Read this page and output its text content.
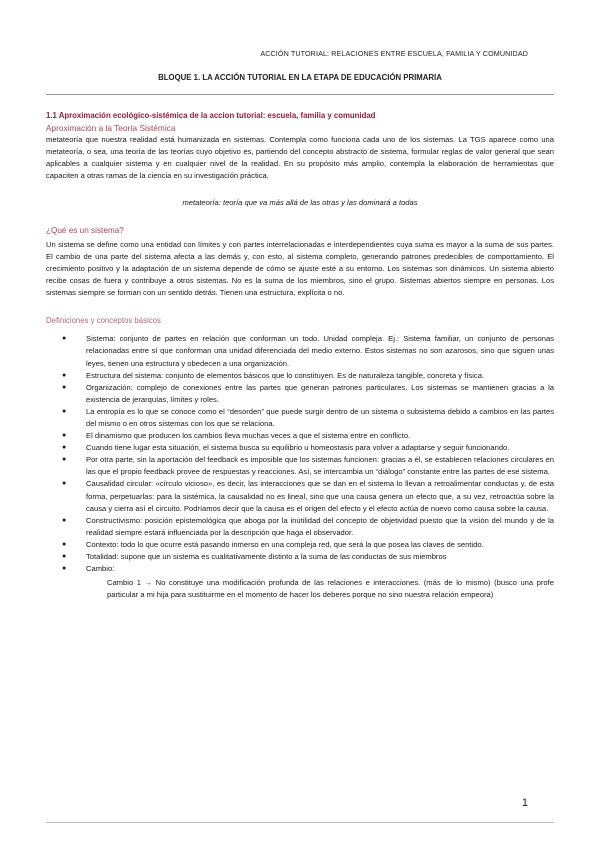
ACCIÓN TUTORIAL: RELACIONES ENTRE ESCUELA, FAMILIA Y COMUNIDAD
BLOQUE 1. LA ACCIÓN TUTORIAL EN LA ETAPA DE EDUCACIÓN PRIMARIA

1.1 Aproximación ecológico-sistémica de la accion tutorial: escuela, familia y comunidad

Aproximación a la Teoría Sistémica

metateoría que nuestra realidad está humanizada en sistemas. Contempla como funciona cada uno de los sistemas. La TGS aparece como una metateoría, o sea, una teoría de las teorías cuyo objetivo es, partiendo del concepto abstracto de sistema, formular reglas de valor general que sean aplicables a cualquier sistema y en cualquier nivel de la realidad. En su propósito más amplio, contempla la elaboración de herramientas que capaciten a otras ramas de la ciencia en su investigación práctica.

metateoría: teoría que va más allá de las otras y las dominará a todas

¿Qué es un sistema?

Un sistema se define como una entidad con límites y con partes interrelacionadas e interdependientes cuya suma es mayor a la suma de sus partes. El cambio de una parte del sistema afecta a las demás y, con esto, al sistema completo, generando patrones predecibles de comportamiento. El crecimiento positivo y la adaptación de un sistema depende de cómo se ajuste esté a su entorno. Los sistemas son dinámicos. Un sistema abierto recibe cosas de fuera y contribuye a otros sistemas. No es la suma de los miembros, sino el grupo. Sistemas abiertos siempre en personas. Los sistemas siempre se forman con un sentido detrás. Tienen una estructura, explícita o no.

Definiciones y conceptos básicos

●	Sistema: conjunto de partes en relación que conforman un todo. Unidad compleja. Ej.: Sistema familiar, un conjunto de personas relacionadas entre sí que conforman una unidad diferenciada del medio externo. Estos sistemas no son azarosos, sino que siguen unas leyes, tienen una estructura y obedecen a una organización.
●	Estructura del sistema: conjunto de elementos básicos que lo constituyen. Es de naturaleza tangible, concreta y física.
●	Organización: complejo de conexiones entre las partes que generan patrones particulares. Los sistemas se mantienen gracias a la existencia de jerarquías, límites y roles.
●	La entropía es lo que se conoce como el “desorden” que puede surgir dentro de un sistema o subsistema debido a cambios en las partes del mismo o en otros sistemas con los que se relaciona.
●	El dinamismo que producen los cambios lleva muchas veces a que el sistema entre en conflicto.
●	Cuando tiene lugar esta situación, el sistema busca su equilibrio u homeostasis para volver a adaptarse y seguir funcionando.
●	Por otra parte, sin la aportación del feedback es imposible que los sistemas funcionen: gracias a él, se establecen relaciones circulares en las que el propio feedback provee de respuestas y reacciones. Así, se intercambia un “diálogo” constante entre las partes de ese sistema.
●	Causalidad circular: «círculo vicioso», es decir, las interacciones que se dan en el sistema lo llevan a retroalimentar conductas y, de esta forma, perpetuarlas: para la sistémica, la causalidad no es lineal, sino que una causa genera un efecto que, a su vez, retroactúa sobre la causa y cierra así el circuito. Podríamos decir que la causa es el origen del efecto y el efecto actúa de nuevo como causa sobre la causa.
●	Constructivismo: posición epistemológica que aboga por la inutilidad del concepto de objetividad puesto que la visión del mundo y de la realidad siempre estará influenciada por la descripción que haga el observador.
●	Contexto: todo lo que ocurre está pasando inmerso en una compleja red, que será la que posea las claves de sentido.
●	Totalidad: supone que un sistema es cualitativamente distinto a la suma de las conductas de sus miembros
●	Cambio:

Cambio 1 → No constituye una modificación profunda de las relaciones e interacciones. (más de lo mismo) (busco una profe particular a mi hija para sustituirme en el momento de hacer los deberes porque no sino nuestra relación empeora)

1
